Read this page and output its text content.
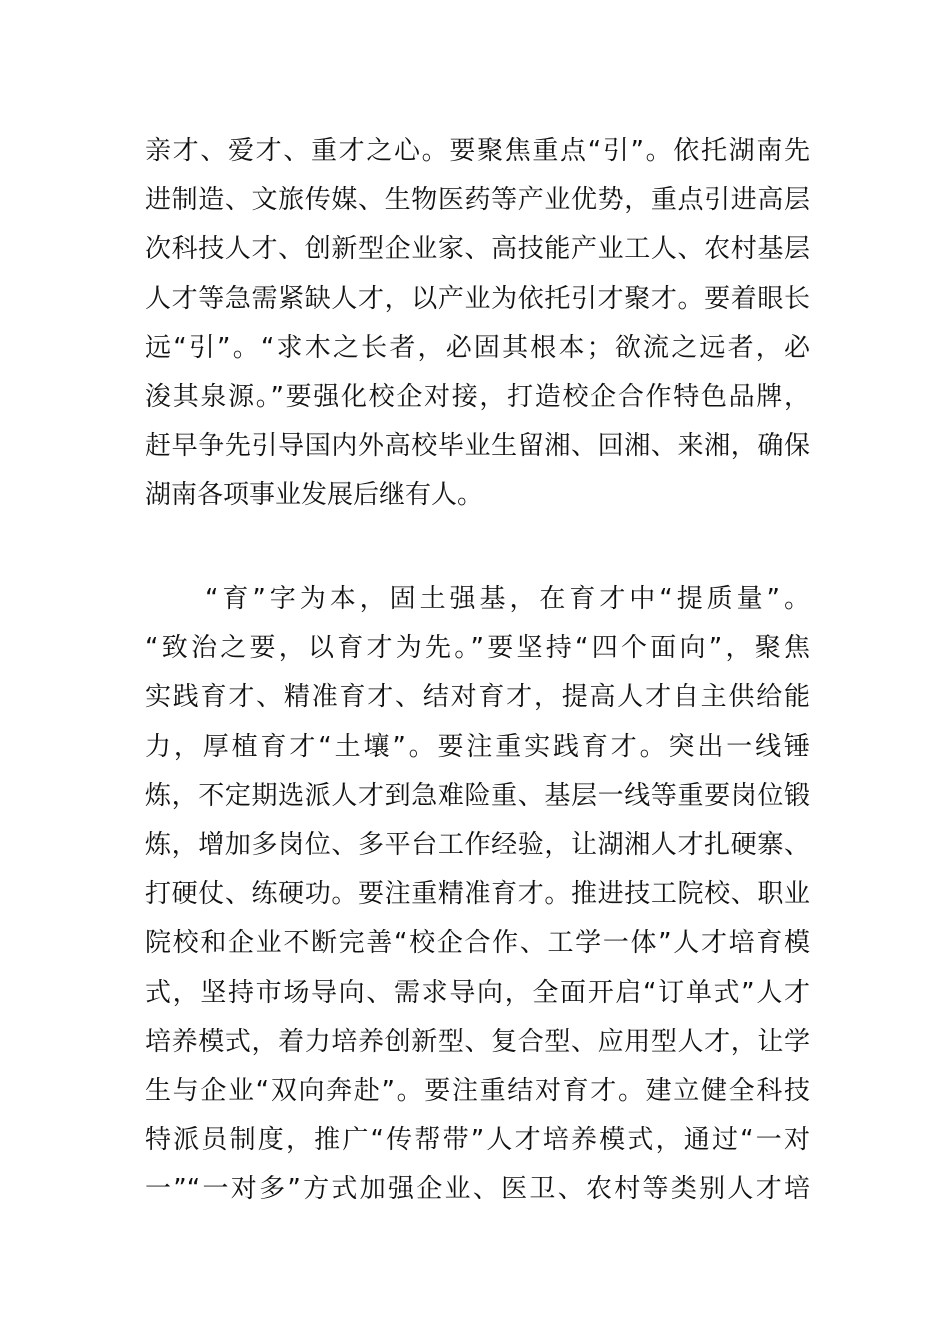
亲才、爱才、重才之心。要聚焦重点“引”。依托湖南先
进制造、文旅传媒、生物医药等产业优势，重点引进高层
次科技人才、创新型企业家、高技能产业工人、农村基层
人才等急需紧缺人才，以产业为依托引才聚才。要着眼长
远“引”。“求木之长者，必固其根本；欲流之远者，必
浚其泉源。”要强化校企对接，打造校企合作特色品牌，
赶早争先引导国内外高校毕业生留湘、回湘、来湘，确保
湖南各项事业发展后继有人。

“育”字为本，固土强基，在育才中“提质量”。
“致治之要，以育才为先。”要坚持“四个面向”，聚焦
实践育才、精准育才、结对育才，提高人才自主供给能
力，厚植育才“土壤”。要注重实践育才。突出一线锤
炼，不定期选派人才到急难险重、基层一线等重要岗位锻
炼，增加多岗位、多平台工作经验，让湖湘人才扎硬寨、
打硬仗、练硬功。要注重精准育才。推进技工院校、职业
院校和企业不断完善“校企合作、工学一体”人才培育模
式，坚持市场导向、需求导向，全面开启“订单式”人才
培养模式，着力培养创新型、复合型、应用型人才，让学
生与企业“双向奔赴”。要注重结对育才。建立健全科技
特派员制度，推广“传帮带”人才培养模式，通过“一对
一”“一对多”方式加强企业、医卫、农村等类别人才培
